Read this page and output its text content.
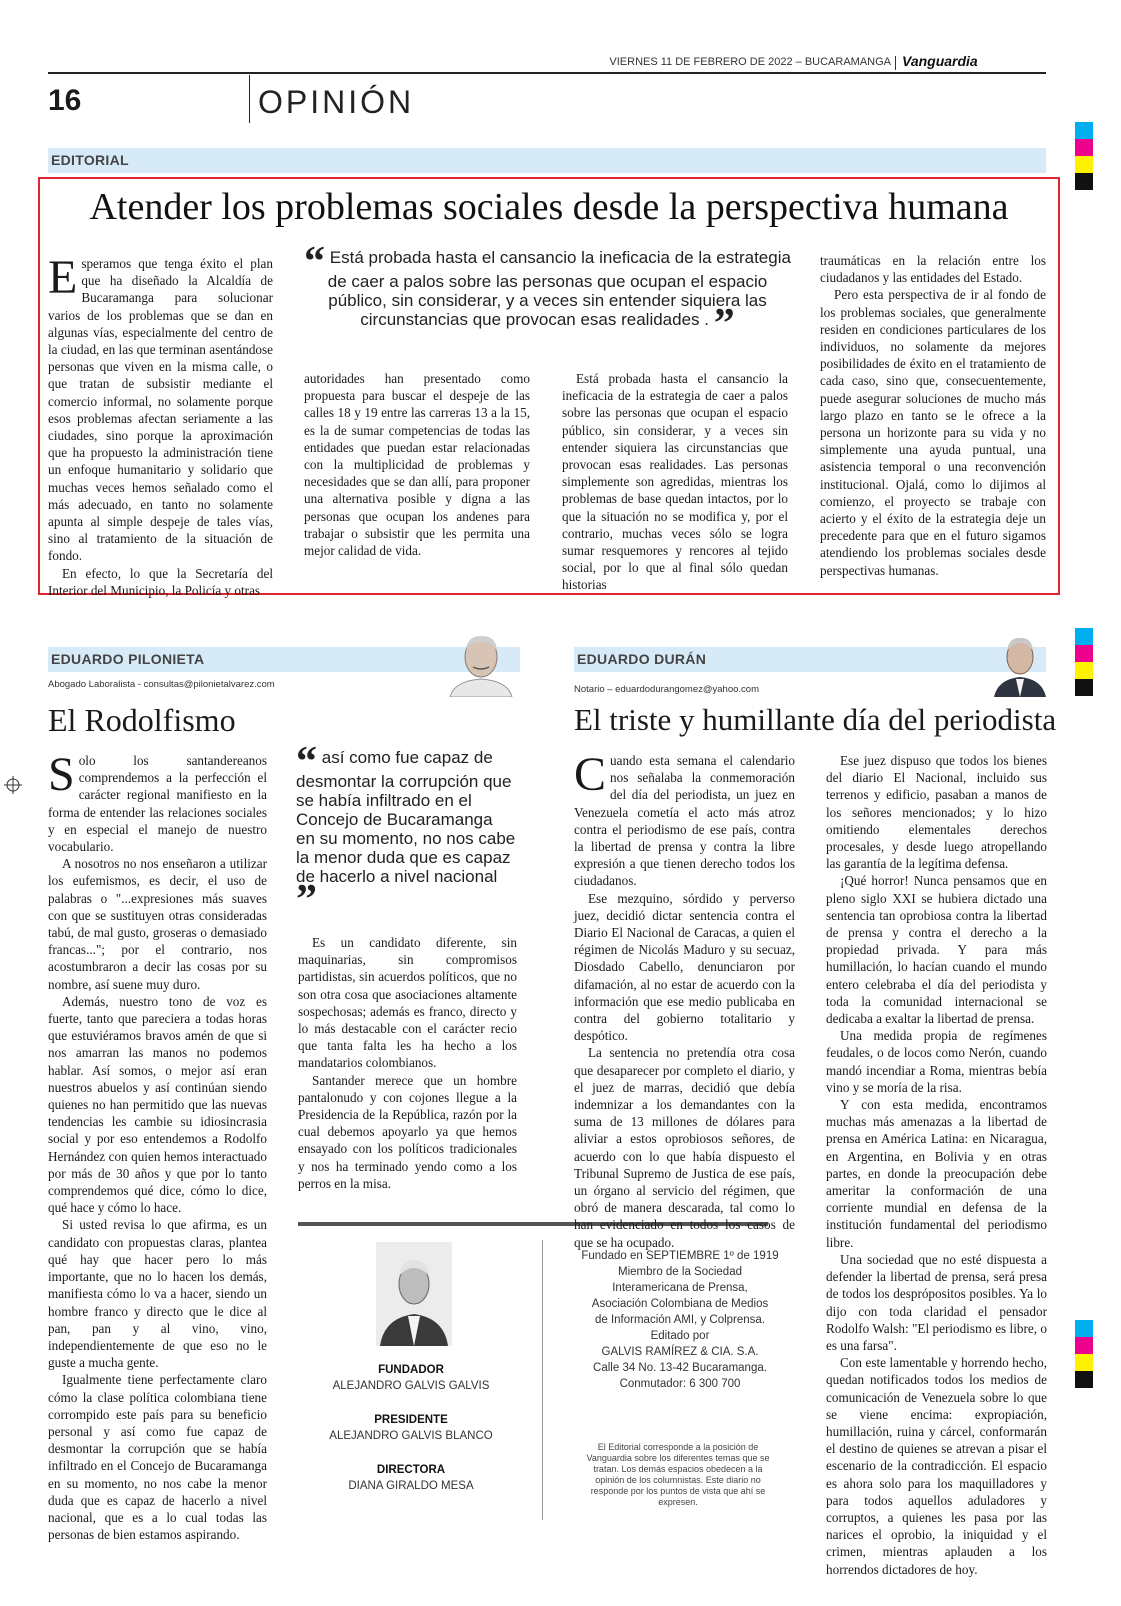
VIERNES 11 DE FEBRERO DE 2022 – BUCARAMANGA Vanguardia
16	OPINIÓN
EDITORIAL
Atender los problemas sociales desde la perspectiva humana

Esperamos que tenga éxito el plan que ha diseñado la Alcaldía de Bucaramanga para solucionar varios de los problemas que se dan en algunas vías, especialmente del centro de la ciudad, en las que terminan asentándose personas que viven en la misma calle, o que tratan de subsistir mediante el comercio informal, no solamente porque esos problemas afectan seriamente a las ciudades, sino porque la aproximación que ha propuesto la administración tiene un enfoque humanitario y solidario que muchas veces hemos señalado como el más adecuado, en tanto no solamente apunta al simple despeje de tales vías, sino al tratamiento de la situación de fondo.

En efecto, lo que la Secretaría del Interior del Municipio, la Policía y otras

“ Está probada hasta el cansancio la ineficacia de la estrategia de caer a palos sobre las personas que ocupan el espacio público, sin considerar, y a veces sin entender siquiera las circunstancias que provocan esas realidades . ”

autoridades han presentado como propuesta para buscar el despeje de las calles 18 y 19 entre las carreras 13 a la 15, es la de sumar competencias de todas las entidades que puedan estar relacionadas con la multiplicidad de problemas y necesidades que se dan allí, para proponer una alternativa posible y digna a las personas que ocupan los andenes para trabajar o subsistir que les permita una mejor calidad de vida.

Está probada hasta el cansancio la ineficacia de la estrategia de caer a palos sobre las personas que ocupan el espacio público, sin considerar, y a veces sin entender siquiera las circunstancias que provocan esas realidades. Las personas simplemente son agredidas, mientras los problemas de base quedan intactos, por lo que la situación no se modifica y, por el contrario, muchas veces sólo se logra sumar resquemores y rencores al tejido social, por lo que al final sólo quedan historias

traumáticas en la relación entre los ciudadanos y las entidades del Estado.

Pero esta perspectiva de ir al fondo de los problemas sociales, que generalmente residen en condiciones particulares de los individuos, no solamente da mejores posibilidades de éxito en el tratamiento de cada caso, sino que, consecuentemente, puede asegurar soluciones de mucho más largo plazo en tanto se le ofrece a la persona un horizonte para su vida y no simplemente una ayuda puntual, una asistencia temporal o una reconvención institucional. Ojalá, como lo dijimos al comienzo, el proyecto se trabaje con acierto y el éxito de la estrategia deje un precedente para que en el futuro sigamos atendiendo los problemas sociales desde perspectivas humanas.

EDUARDO PILONIETA
Abogado Laboralista - consultas@pilonietalvarez.com
El Rodolfismo

Solo los santandereanos comprendemos a la perfección el carácter regional manifiesto en la forma de entender las relaciones sociales y en especial el manejo de nuestro vocabulario.

A nosotros no nos enseñaron a utilizar los eufemismos, es decir, el uso de palabras o "...expresiones más suaves con que se sustituyen otras consideradas tabú, de mal gusto, groseras o demasiado francas..."; por el contrario, nos acostumbraron a decir las cosas por su nombre, así suene muy duro.

Además, nuestro tono de voz es fuerte, tanto que pareciera a todas horas que estuviéramos bravos amén de que si nos amarran las manos no podemos hablar. Así somos, o mejor así eran nuestros abuelos y así continúan siendo quienes no han permitido que las nuevas tendencias les cambie su idiosincrasia social y por eso entendemos a Rodolfo Hernández con quien hemos interactuado por más de 30 años y que por lo tanto comprendemos qué dice, cómo lo dice, qué hace y cómo lo hace.

Si usted revisa lo que afirma, es un candidato con propuestas claras, plantea qué hay que hacer pero lo más importante, que no lo hacen los demás, manifiesta cómo lo va a hacer, siendo un hombre franco y directo que le dice al pan, pan y al vino, vino, independientemente de que eso no le guste a mucha gente.

Igualmente tiene perfectamente claro cómo la clase política colombiana tiene corrompido este país para su beneficio personal y así como fue capaz de desmontar la corrupción que se había infiltrado en el Concejo de Bucaramanga en su momento, no nos cabe la menor duda que es capaz de hacerlo a nivel nacional, que es a lo cual todas las personas de bien estamos aspirando.

“ así como fue capaz de desmontar la corrupción que se había infiltrado en el Concejo de Bucaramanga en su momento, no nos cabe la menor duda que es capaz de hacerlo a nivel nacional ”

Es un candidato diferente, sin maquinarias, sin compromisos partidistas, sin acuerdos políticos, que no son otra cosa que asociaciones altamente sospechosas; además es franco, directo y lo más destacable con el carácter recio que tanta falta les ha hecho a los mandatarios colombianos.

Santander merece que un hombre pantalonudo y con cojones llegue a la Presidencia de la República, razón por la cual debemos apoyarlo ya que hemos ensayado con los políticos tradicionales y nos ha terminado yendo como a los perros en la misa.

FUNDADOR
ALEJANDRO GALVIS GALVIS
PRESIDENTE
ALEJANDRO GALVIS BLANCO
DIRECTORA
DIANA GIRALDO MESA
Fundado en SEPTIEMBRE 1º de 1919
Miembro de la Sociedad
Interamericana de Prensa,
Asociación Colombiana de Medios
de Información AMI, y Colprensa.
Editado por
GALVIS RAMÍREZ & CIA. S.A.
Calle 34 No. 13-42 Bucaramanga.
Conmutador: 6 300 700
El Editorial corresponde a la posición de Vanguardia sobre los diferentes temas que se tratan. Los demás espacios obedecen a la opinión de los columnistas. Este diario no responde por los puntos de vista que ahí se expresen.
EDUARDO DURÁN
Notario – eduardodurangomez@yahoo.com
El triste y humillante día del periodista

Cuando esta semana el calendario nos señalaba la conmemoración del día del periodista, un juez en Venezuela cometía el acto más atroz contra el periodismo de ese país, contra la libertad de prensa y contra la libre expresión a que tienen derecho todos los ciudadanos.

Ese mezquino, sórdido y perverso juez, decidió dictar sentencia contra el Diario El Nacional de Caracas, a quien el régimen de Nicolás Maduro y su secuaz, Diosdado Cabello, denunciaron por difamación, al no estar de acuerdo con la información que ese medio publicaba en contra del gobierno totalitario y despótico.

La sentencia no pretendía otra cosa que desaparecer por completo el diario, y el juez de marras, decidió que debía indemnizar a los demandantes con la suma de 13 millones de dólares para aliviar a estos oprobiosos señores, de acuerdo con lo que había dispuesto el Tribunal Supremo de Justica de ese país, un órgano al servicio del régimen, que obró de manera descarada, tal como lo han evidenciado en todos los casos de que se ha ocupado.

Ese juez dispuso que todos los bienes del diario El Nacional, incluido sus terrenos y edificio, pasaban a manos de los señores mencionados; y lo hizo omitiendo elementales derechos procesales, y desde luego atropellando las garantía de la legítima defensa.

¡Qué horror! Nunca pensamos que en pleno siglo XXI se hubiera dictado una sentencia tan oprobiosa contra la libertad de prensa y contra el derecho a la propiedad privada. Y para más humillación, lo hacían cuando el mundo entero celebraba el día del periodista y toda la comunidad internacional se dedicaba a exaltar la libertad de prensa.

Una medida propia de regímenes feudales, o de locos como Nerón, cuando mandó incendiar a Roma, mientras bebía vino y se moría de la risa.

Y con esta medida, encontramos muchas más amenazas a la libertad de prensa en América Latina: en Nicaragua, en Argentina, en Bolivia y en otras partes, en donde la preocupación debe ameritar la conformación de una corriente mundial en defensa de la institución fundamental del periodismo libre.

Una sociedad que no esté dispuesta a defender la libertad de prensa, será presa de todos los desprópositos posibles. Ya lo dijo con toda claridad el pensador Rodolfo Walsh: "El periodismo es libre, o es una farsa".

Con este lamentable y horrendo hecho, quedan notificados todos los medios de comunicación de Venezuela sobre lo que se viene encima: expropiación, humillación, ruina y cárcel, conformarán el destino de quienes se atrevan a pisar el escenario de la contradicción. El espacio es ahora solo para los maquilladores y para todos aquellos aduladores y corruptos, a quienes les pasa por las narices el oprobio, la iniquidad y el crimen, mientras aplauden a los horrendos dictadores de hoy.
